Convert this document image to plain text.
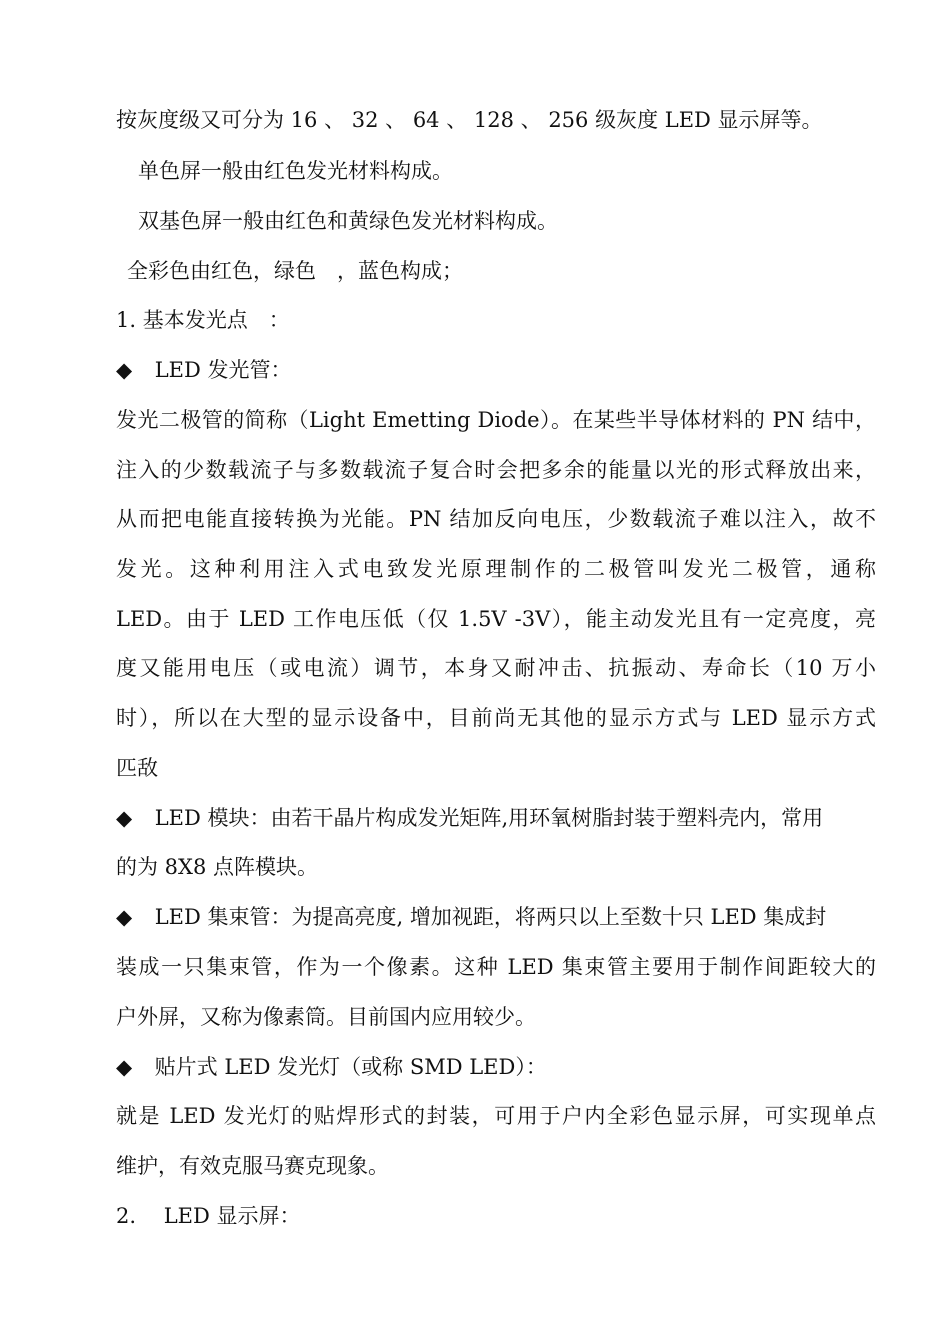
按灰度级又可分为 16 、 32 、 64 、 128 、 256 级灰度 LED 显示屏等。
单色屏一般由红色发光材料构成。
双基色屏一般由红色和黄绿色发光材料构成。
全彩色由红色，绿色　，蓝色构成；
1. 基本发光点　：
◆ LED 发光管：
发光二极管的简称（Light Emetting Diode）。在某些半导体材料的 PN 结中，
注入的少数载流子与多数载流子复合时会把多余的能量以光的形式释放出来，
从而把电能直接转换为光能。PN 结加反向电压，少数载流子难以注入，故不
发光。这种利用注入式电致发光原理制作的二极管叫发光二极管，通称
LED。由于 LED 工作电压低（仅 1.5V -3V），能主动发光且有一定亮度，亮
度又能用电压（或电流）调节，本身又耐冲击、抗振动、寿命长（10 万小
时），所以在大型的显示设备中，目前尚无其他的显示方式与 LED 显示方式
匹敌
◆ LED 模块：由若干晶片构成发光矩阵,用环氧树脂封装于塑料壳内，常用
的为 8X8 点阵模块。
◆ LED 集束管：为提高亮度, 增加视距，将两只以上至数十只 LED 集成封
装成一只集束管，作为一个像素。这种 LED 集束管主要用于制作间距较大的
户外屏，又称为像素筒。目前国内应用较少。
◆ 贴片式 LED 发光灯（或称 SMD LED）：
就是 LED 发光灯的贴焊形式的封装，可用于户内全彩色显示屏，可实现单点
维护，有效克服马赛克现象。
2.　 LED 显示屏：
